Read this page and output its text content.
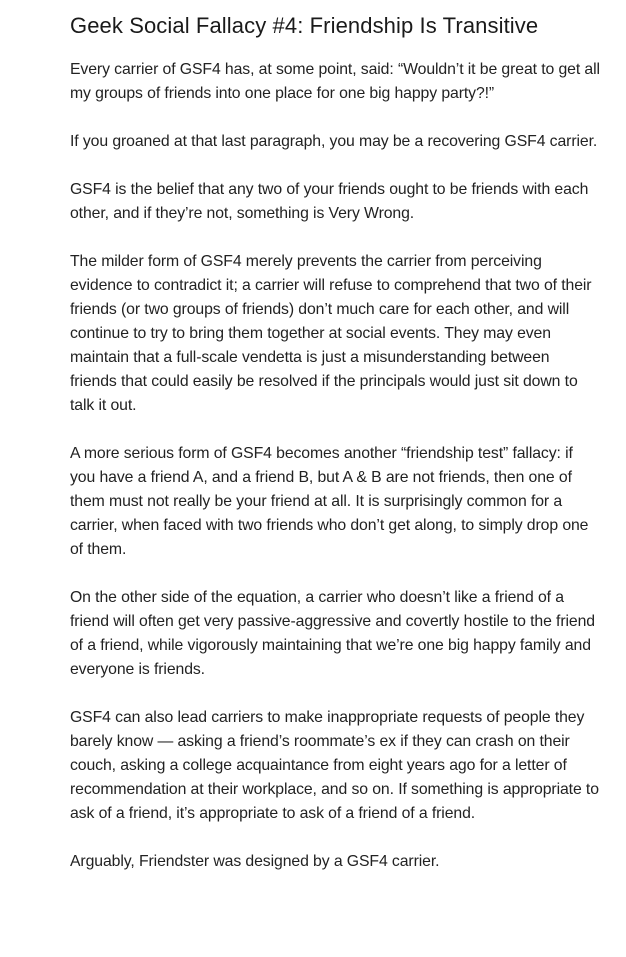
Geek Social Fallacy #4: Friendship Is Transitive

Every carrier of GSF4 has, at some point, said: “Wouldn’t it be great to get all my groups of friends into one place for one big happy party?!”

If you groaned at that last paragraph, you may be a recovering GSF4 carrier.

GSF4 is the belief that any two of your friends ought to be friends with each other, and if they’re not, something is Very Wrong.

The milder form of GSF4 merely prevents the carrier from perceiving evidence to contradict it; a carrier will refuse to comprehend that two of their friends (or two groups of friends) don’t much care for each other, and will continue to try to bring them together at social events. They may even maintain that a full-scale vendetta is just a misunderstanding between friends that could easily be resolved if the principals would just sit down to talk it out.

A more serious form of GSF4 becomes another “friendship test” fallacy: if you have a friend A, and a friend B, but A & B are not friends, then one of them must not really be your friend at all. It is surprisingly common for a carrier, when faced with two friends who don’t get along, to simply drop one of them.

On the other side of the equation, a carrier who doesn’t like a friend of a friend will often get very passive-aggressive and covertly hostile to the friend of a friend, while vigorously maintaining that we’re one big happy family and everyone is friends.

GSF4 can also lead carriers to make inappropriate requests of people they barely know — asking a friend’s roommate’s ex if they can crash on their couch, asking a college acquaintance from eight years ago for a letter of recommendation at their workplace, and so on. If something is appropriate to ask of a friend, it’s appropriate to ask of a friend of a friend.

Arguably, Friendster was designed by a GSF4 carrier.
